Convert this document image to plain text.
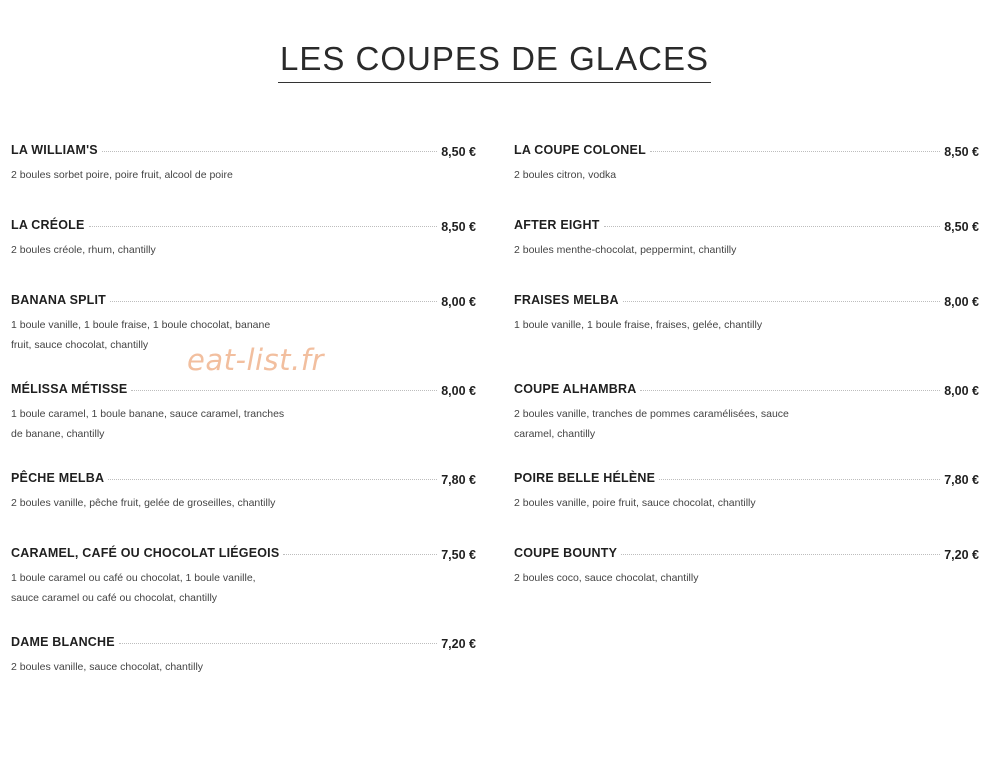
LES COUPES DE GLACES
LA WILLIAM'S	8,50 €
2 boules sorbet poire, poire fruit, alcool de poire
LA CRÉOLE	8,50 €
2 boules créole, rhum, chantilly
BANANA SPLIT	8,00 €
1 boule vanille, 1 boule fraise, 1 boule chocolat, banane fruit, sauce chocolat, chantilly
MÉLISSA MÉTISSE	8,00 €
1 boule caramel, 1 boule banane, sauce caramel, tranches de banane, chantilly
PÊCHE MELBA	7,80 €
2 boules vanille, pêche fruit, gelée de groseilles, chantilly
CARAMEL, CAFÉ OU CHOCOLAT LIÉGEOIS	7,50 €
1 boule caramel ou café ou chocolat, 1 boule vanille, sauce caramel ou café ou chocolat, chantilly
DAME BLANCHE	7,20 €
2 boules vanille, sauce chocolat, chantilly
LA COUPE COLONEL	8,50 €
2 boules citron, vodka
AFTER EIGHT	8,50 €
2 boules menthe-chocolat, peppermint, chantilly
FRAISES MELBA	8,00 €
1 boule vanille, 1 boule fraise, fraises, gelée, chantilly
COUPE ALHAMBRA	8,00 €
2 boules vanille, tranches de pommes caramélisées, sauce caramel, chantilly
POIRE BELLE HÉLÈNE	7,80 €
2 boules vanille, poire fruit, sauce chocolat, chantilly
COUPE BOUNTY	7,20 €
2 boules coco, sauce chocolat, chantilly
eat-list.fr
